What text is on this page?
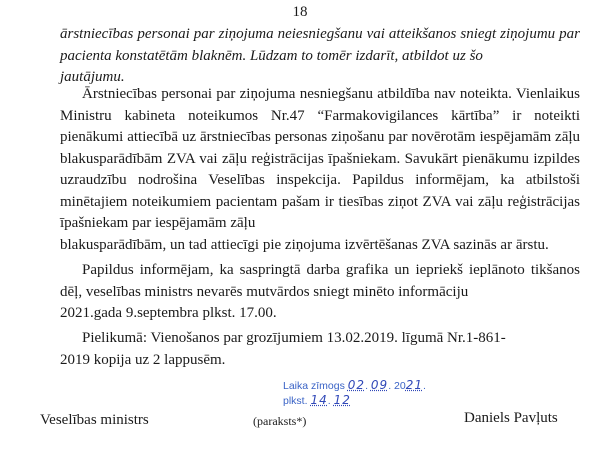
18

ārstniecības personai par ziņojuma neiesniegšanu vai atteikšanos sniegt ziņojumu par pacienta konstatētām blaknēm. Lūdzam to tomēr izdarīt, atbildot uz šo
jautājumu.

Ārstniecības personai par ziņojuma nesniegšanu atbildība nav noteikta. Vienlaikus Ministru kabineta noteikumos Nr.47 “Farmakovigilances kārtība” ir noteikti pienākumi attiecībā uz ārstniecības personas ziņošanu par novērotām iespējamām zāļu blakusparādībām ZVA vai zāļu reģistrācijas īpašniekam. Savukārt pienākumu izpildes uzraudzību nodrošina Veselības inspekcija. Papildus informējam, ka atbilstoši minētajiem noteikumiem pacientam pašam ir tiesības ziņot ZVA vai zāļu reģistrācijas īpašniekam par iespējamām zāļu
blakusparādībām, un tad attiecīgi pie ziņojuma izvērtēšanas ZVA sazinās ar ārstu.

Papildus informējam, ka saspringtā darba grafika un iepriekš ieplānoto tikšanos dēļ, veselības ministrs nevarēs mutvārdos sniegt minēto informāciju
2021.gada 9.septembra plkst. 17.00.

Pielikumā: Vienošanos par grozījumiem 13.02.2019. līgumā Nr.1-861-
2019 kopija uz 2 lappusēm.

Laika zīmogs 02. 09. 2021.
plkst. 14. 12
Veselības ministrs	(paraksts*)	Daniels Pavļuts
